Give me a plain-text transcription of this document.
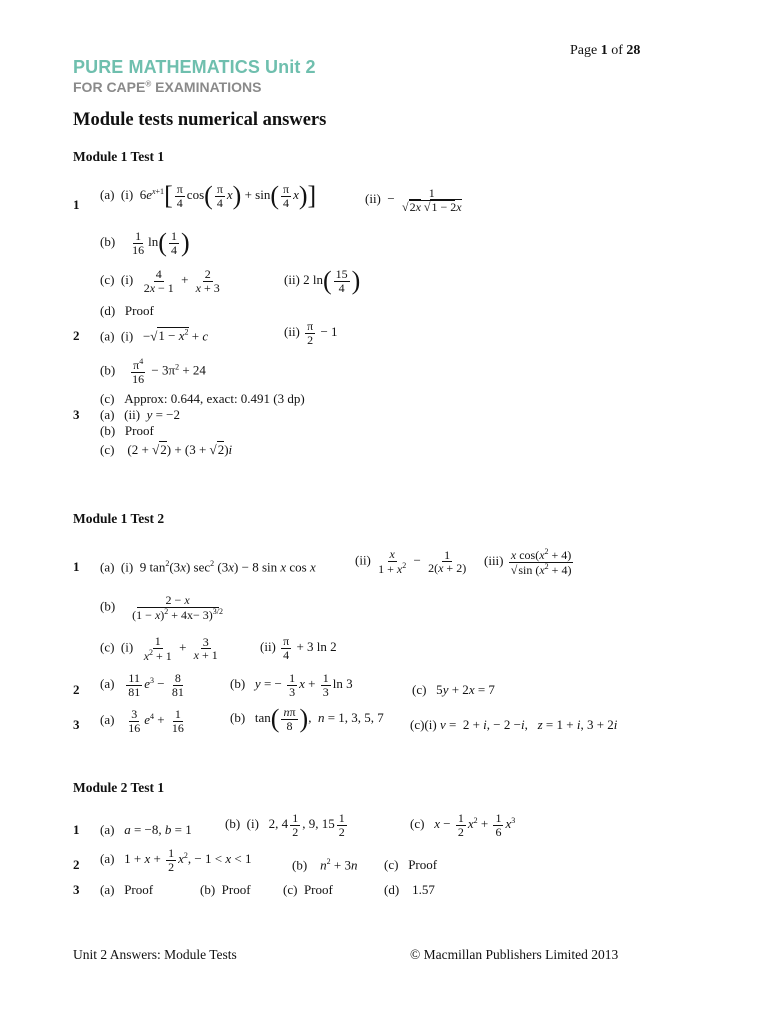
Page 1 of 28
PURE MATHEMATICS Unit 2
FOR CAPE® EXAMINATIONS
Module tests numerical answers
Module 1 Test 1
1
(a)  (i)  $6e^{x+1}[ \frac{\pi}{4} \cos( \frac{\pi}{4} x) + \sin( \frac{\pi}{4} x)]$	$(ii) - \frac{1}{√2x √1 - 2x}$
$(b) \frac{1}{16} \ln( \frac{1}{4}$ )
(c)  $(i) \frac{4}{2x - 1} + \frac{2}{x + 3}$	(ii) 2 $\ln( \frac{15}{4}$ )
(d)   Proof
2 (a)  $(i) -√1 - x^2 + c$	$(ii) \frac{\pi}{2} - 1$
$(b) \frac{\pi^4}{16} - 3\pi^2 + 24$
(c)   Approx: 0.644, exact: 0.491 (3 dp)
3 (a)   (ii)  y = −2
(b)   Proof
(c)    (2 + √2) + (3 + √2)i
Module 1 Test 2
1 (a)  (i)  9 $\tan^2(3x)$ $\sec^2 (3x) - 8$ sin x cos x	$(ii) \frac{x}{1 + x^2} - \frac{1}{2(x + 2)} (iii) \frac{x \cos(x^2 + 4)}{√\sin (x^2 + 4)}$
$(b) \frac{2 - x}{(1 - x)^2 + 4x- 3)^{3/2}}$
(c)  $(i) \frac{1}{x^2 + 1} + \frac{3}{x + 1}$	$(ii) \frac{\pi}{4} + 3$ ln 2
2 $(a) \frac{11}{81} e^3 - \frac{8}{81}$	(b)   y = − $\frac{1}{3}$ $x + \frac{1}{3}$ ln 3	(c)   5y + 2x = 7
3 $(a) \frac{3}{16} e^4 + \frac{1}{16}$	(b)   $\tan( \frac{n\pi}{8}$ ),  n = 1, 3, 5, 7 (c)(i) v =  2 + i, − 2 −i,   z = 1 + i, 3 + 2i
Module 2 Test 1
1 (a)   a = −8, b = 1	(b)  (i)   2, $4 \frac{1}{2}$ , 9, $15 \frac{1}{2}$	(c)   $x - \frac{1}{2} x^2 + \frac{1}{6} x^3$
2 (a)   $1 + x + \frac{1}{2} x^2$, − 1 < x < 1	(b)    $n^2 + 3n$ (c)   Proof
3 (a)   Proof	(b)  Proof (c)  Proof	(d)    1.57
Unit 2 Answers: Module Tests	© Macmillan Publishers Limited 2013
